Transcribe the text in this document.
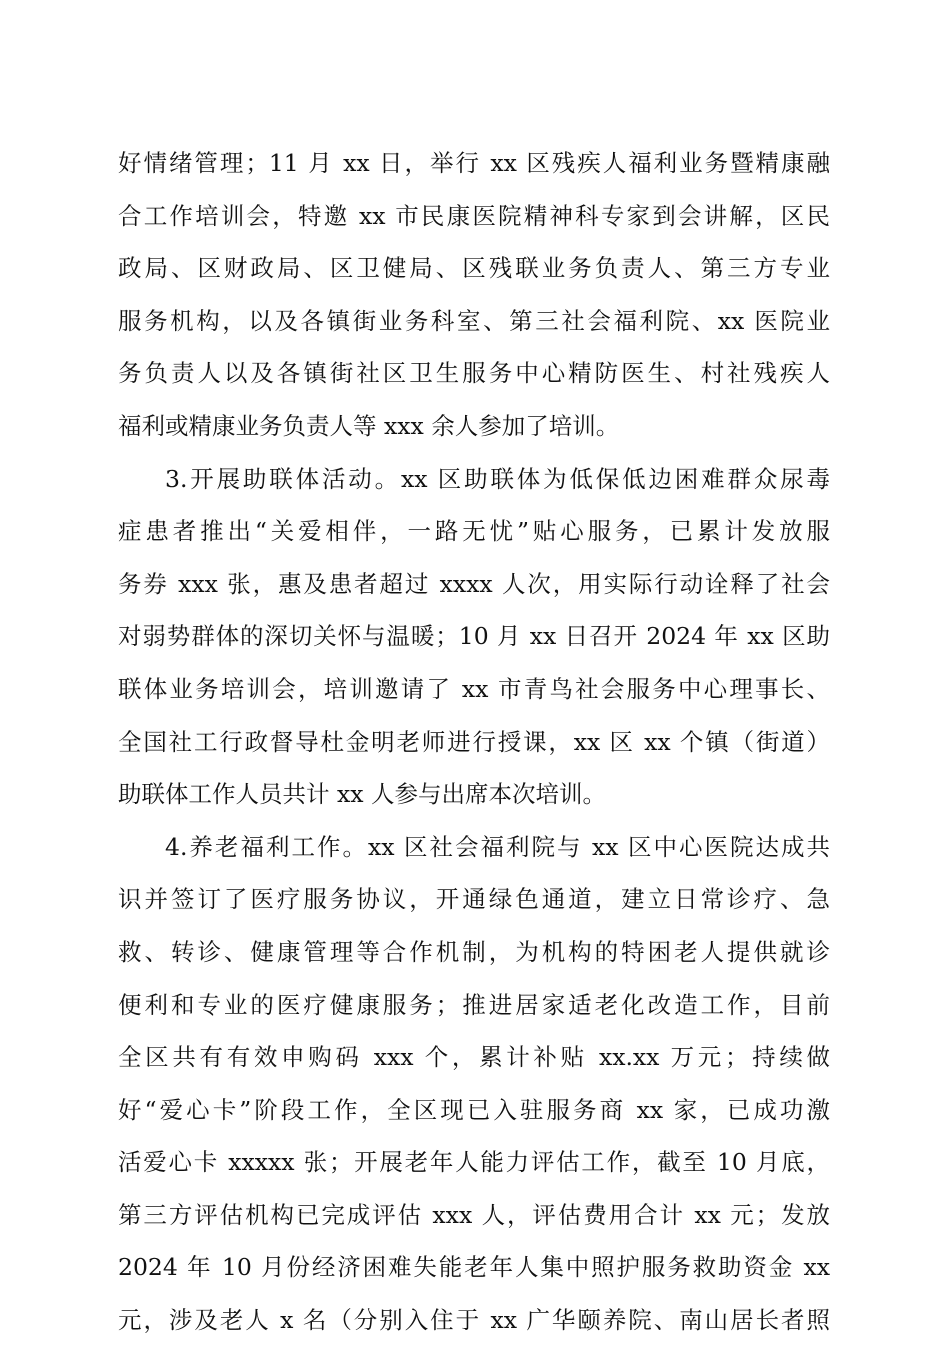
好情绪管理；11 月 xx 日，举行 xx 区残疾人福利业务暨精康融
合工作培训会，特邀 xx 市民康医院精神科专家到会讲解，区民
政局、区财政局、区卫健局、区残联业务负责人、第三方专业
服务机构，以及各镇街业务科室、第三社会福利院、xx 医院业
务负责人以及各镇街社区卫生服务中心精防医生、村社残疾人
福利或精康业务负责人等 xxx 余人参加了培训。
3.开展助联体活动。xx 区助联体为低保低边困难群众尿毒
症患者推出“关爱相伴，一路无忧”贴心服务，已累计发放服
务券 xxx 张，惠及患者超过 xxxx 人次，用实际行动诠释了社会
对弱势群体的深切关怀与温暖；10 月 xx 日召开 2024 年 xx 区助
联体业务培训会，培训邀请了 xx 市青鸟社会服务中心理事长、
全国社工行政督导杜金明老师进行授课，xx 区 xx 个镇（街道）
助联体工作人员共计 xx 人参与出席本次培训。
4.养老福利工作。xx 区社会福利院与 xx 区中心医院达成共
识并签订了医疗服务协议，开通绿色通道，建立日常诊疗、急
救、转诊、健康管理等合作机制，为机构的特困老人提供就诊
便利和专业的医疗健康服务；推进居家适老化改造工作，目前
全区共有有效申购码 xxx 个，累计补贴 xx.xx 万元；持续做
好“爱心卡”阶段工作，全区现已入驻服务商 xx 家，已成功激
活爱心卡 xxxxx 张；开展老年人能力评估工作，截至 10 月底，
第三方评估机构已完成评估 xxx 人，评估费用合计 xx 元；发放
2024 年 10 月份经济困难失能老年人集中照护服务救助资金 xx
元，涉及老人 x 名（分别入住于 xx 广华颐养院、南山居长者照
